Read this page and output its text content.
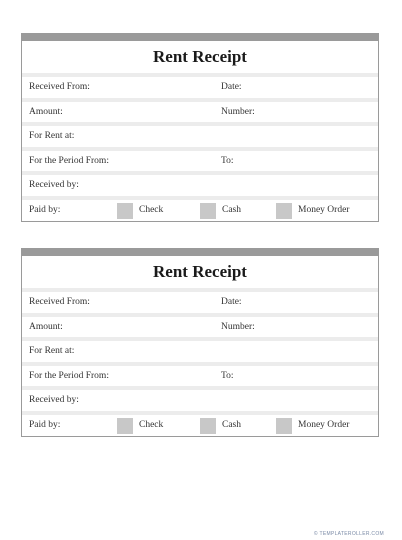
Rent Receipt
Received From:	Date:
Amount:	Number:
For Rent at:
For the Period From:	To:
Received by:
Paid by:	Check	Cash	Money Order
Rent Receipt
Received From:	Date:
Amount:	Number:
For Rent at:
For the Period From:	To:
Received by:
Paid by:	Check	Cash	Money Order
© TEMPLATEROLLER.COM
